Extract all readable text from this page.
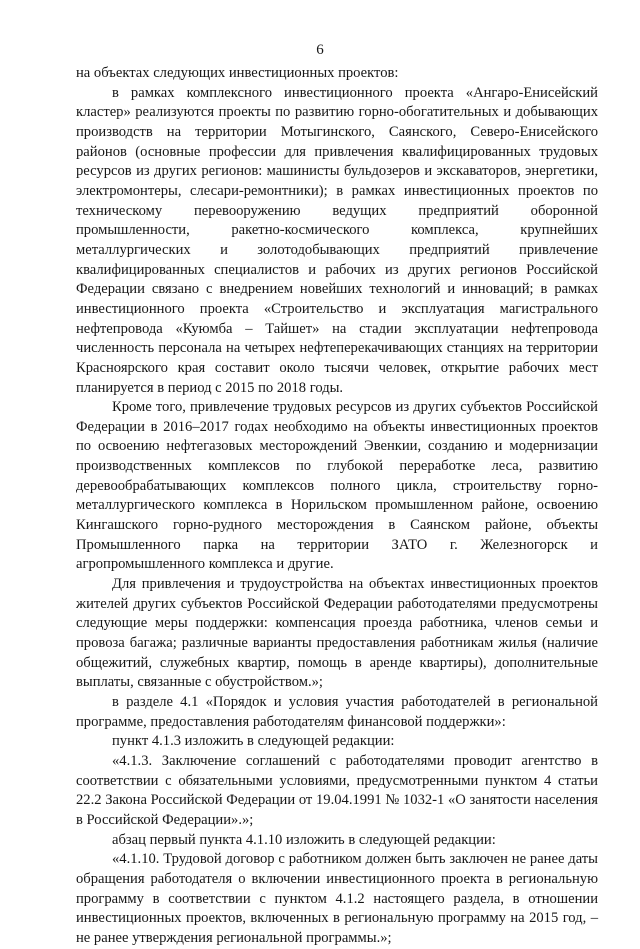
6

на объектах следующих инвестиционных проектов:

в рамках комплексного инвестиционного проекта «Ангаро-Енисейский кластер» реализуются проекты по развитию горно-обогатительных и добывающих производств на территории Мотыгинского, Саянского, Северо-Енисейского районов (основные профессии для привлечения квалифицированных трудовых ресурсов из других регионов: машинисты бульдозеров и экскаваторов, энергетики, электромонтеры, слесари-ремонтники); в рамках инвестиционных проектов по техническому перевооружению ведущих предприятий оборонной промышленности, ракетно-космического комплекса, крупнейших металлургических и золотодобывающих предприятий привлечение квалифицированных специалистов и рабочих из других регионов Российской Федерации связано с внедрением новейших технологий и инноваций; в рамках инвестиционного проекта «Строительство и эксплуатация магистрального нефтепровода «Куюмба – Тайшет» на стадии эксплуатации нефтепровода численность персонала на четырех нефтеперекачивающих станциях на территории Красноярского края составит около тысячи человек, открытие рабочих мест планируется в период с 2015 по 2018 годы.

Кроме того, привлечение трудовых ресурсов из других субъектов Российской Федерации в 2016–2017 годах необходимо на объекты инвестиционных проектов по освоению нефтегазовых месторождений Эвенкии, созданию и модернизации производственных комплексов по глубокой переработке леса, развитию деревообрабатывающих комплексов полного цикла, строительству горно-металлургического комплекса в Норильском промышленном районе, освоению Кингашского горно-рудного месторождения в Саянском районе, объекты Промышленного парка на территории ЗАТО г. Железногорск и агропромышленного комплекса и другие.

Для привлечения и трудоустройства на объектах инвестиционных проектов жителей других субъектов Российской Федерации работодателями предусмотрены следующие меры поддержки: компенсация проезда работника, членов семьи и провоза багажа; различные варианты предоставления работникам жилья (наличие общежитий, служебных квартир, помощь в аренде квартиры), дополнительные выплаты, связанные с обустройством.»;

в разделе 4.1 «Порядок и условия участия работодателей в региональной программе, предоставления работодателям финансовой поддержки»:

пункт 4.1.3 изложить в следующей редакции:

«4.1.3. Заключение соглашений с работодателями проводит агентство в соответствии с обязательными условиями, предусмотренными пунктом 4 статьи 22.2 Закона Российской Федерации от 19.04.1991 № 1032-1 «О занятости населения в Российской Федерации».»;

абзац первый пункта 4.1.10 изложить в следующей редакции:

«4.1.10. Трудовой договор с работником должен быть заключен не ранее даты обращения работодателя о включении инвестиционного проекта в региональную программу в соответствии с пунктом 4.1.2 настоящего раздела, в отношении инвестиционных проектов, включенных в региональную программу на 2015 год, – не ранее утверждения региональной программы.»;
